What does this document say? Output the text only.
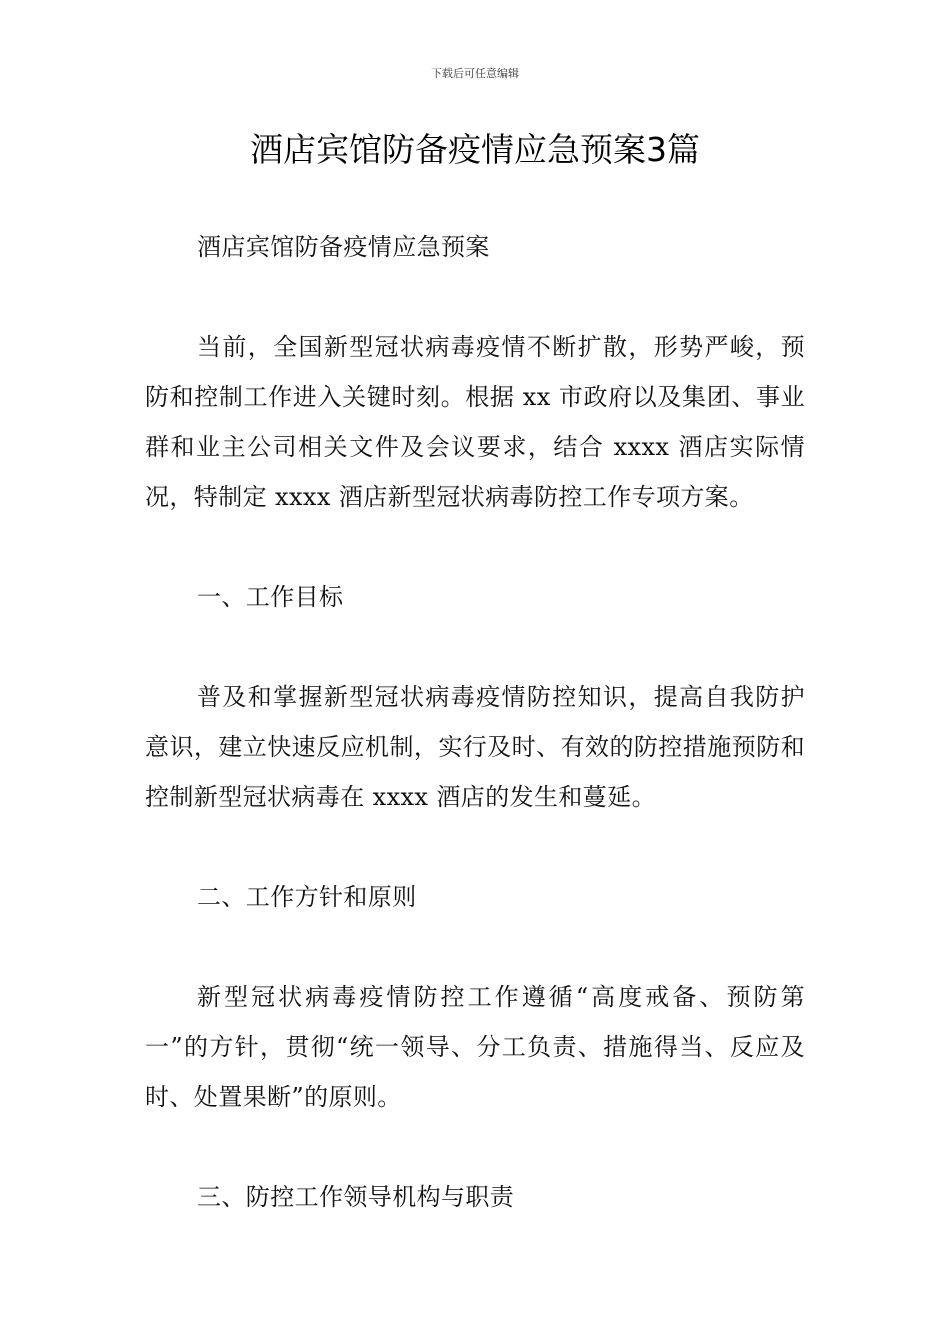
下载后可任意编辑
酒店宾馆防备疫情应急预案3篇

酒店宾馆防备疫情应急预案

当前，全国新型冠状病毒疫情不断扩散，形势严峻，预防和控制工作进入关键时刻。根据 xx 市政府以及集团、事业群和业主公司相关文件及会议要求，结合 xxxx 酒店实际情况，特制定 xxxx 酒店新型冠状病毒防控工作专项方案。

一、工作目标

普及和掌握新型冠状病毒疫情防控知识，提高自我防护意识，建立快速反应机制，实行及时、有效的防控措施预防和控制新型冠状病毒在 xxxx 酒店的发生和蔓延。

二、工作方针和原则

新型冠状病毒疫情防控工作遵循“高度戒备、预防第一”的方针，贯彻“统一领导、分工负责、措施得当、反应及时、处置果断”的原则。

三、防控工作领导机构与职责
